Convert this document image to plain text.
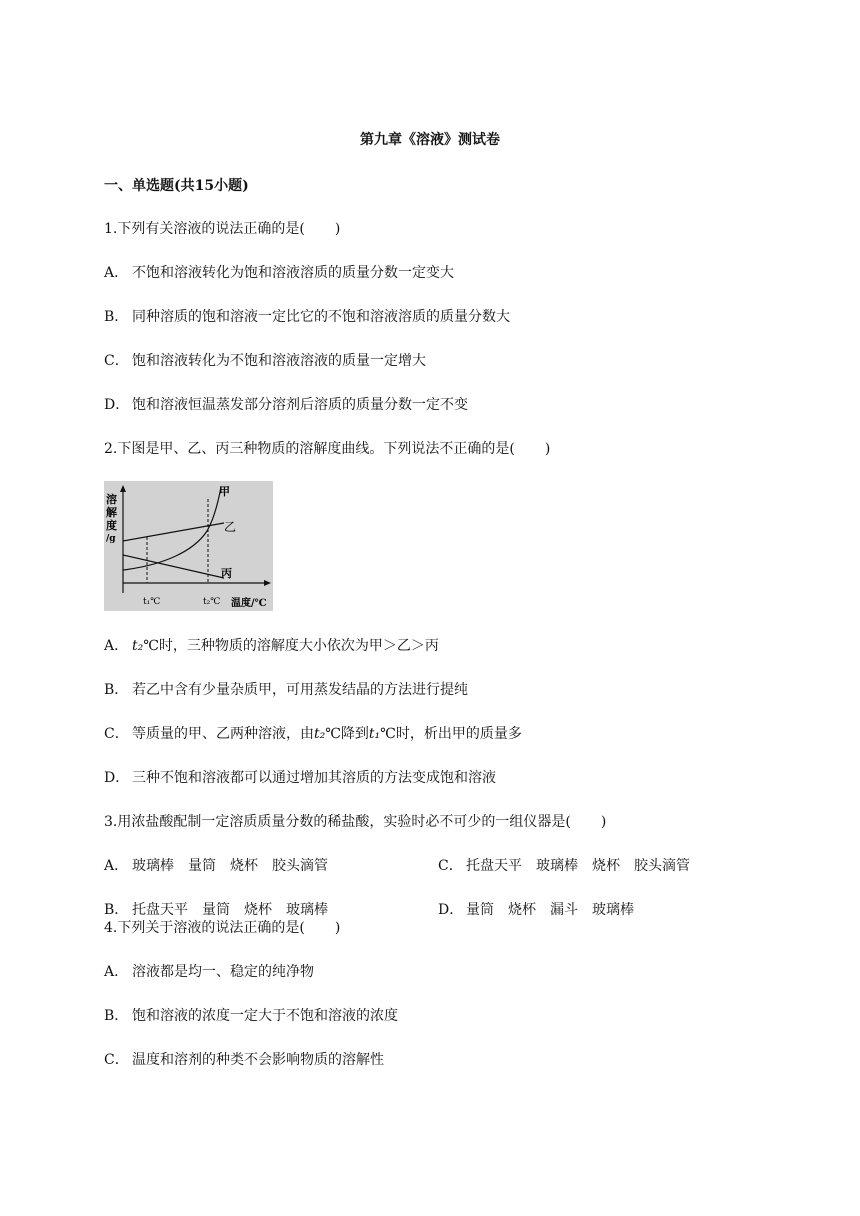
第九章《溶液》测试卷
一、单选题(共15小题)
1.下列有关溶液的说法正确的是( )
A． 不饱和溶液转化为饱和溶液溶质的质量分数一定变大
B． 同种溶质的饱和溶液一定比它的不饱和溶液溶质的质量分数大
C． 饱和溶液转化为不饱和溶液溶液的质量一定增大
D． 饱和溶液恒温蒸发部分溶剂后溶质的质量分数一定不变
2.下图是甲、乙、丙三种物质的溶解度曲线。下列说法不正确的是( )
溶
解
度
/g
甲
乙
丙
t₁℃	t₂℃ 温度/℃
A． t₂℃时，三种物质的溶解度大小依次为甲＞乙＞丙
B． 若乙中含有少量杂质甲，可用蒸发结晶的方法进行提纯
C． 等质量的甲、乙两种溶液，由t₂℃降到t₁℃时，析出甲的质量多
D． 三种不饱和溶液都可以通过增加其溶质的方法变成饱和溶液
3.用浓盐酸配制一定溶质质量分数的稀盐酸，实验时必不可少的一组仪器是( )
A． 玻璃棒　量筒　烧杯　胶头滴管	C． 托盘天平　玻璃棒　烧杯　胶头滴管
B． 托盘天平　量筒　烧杯　玻璃棒	D． 量筒　烧杯　漏斗　玻璃棒
4.下列关于溶液的说法正确的是( )
A． 溶液都是均一、稳定的纯净物
B． 饱和溶液的浓度一定大于不饱和溶液的浓度
C． 温度和溶剂的种类不会影响物质的溶解性
